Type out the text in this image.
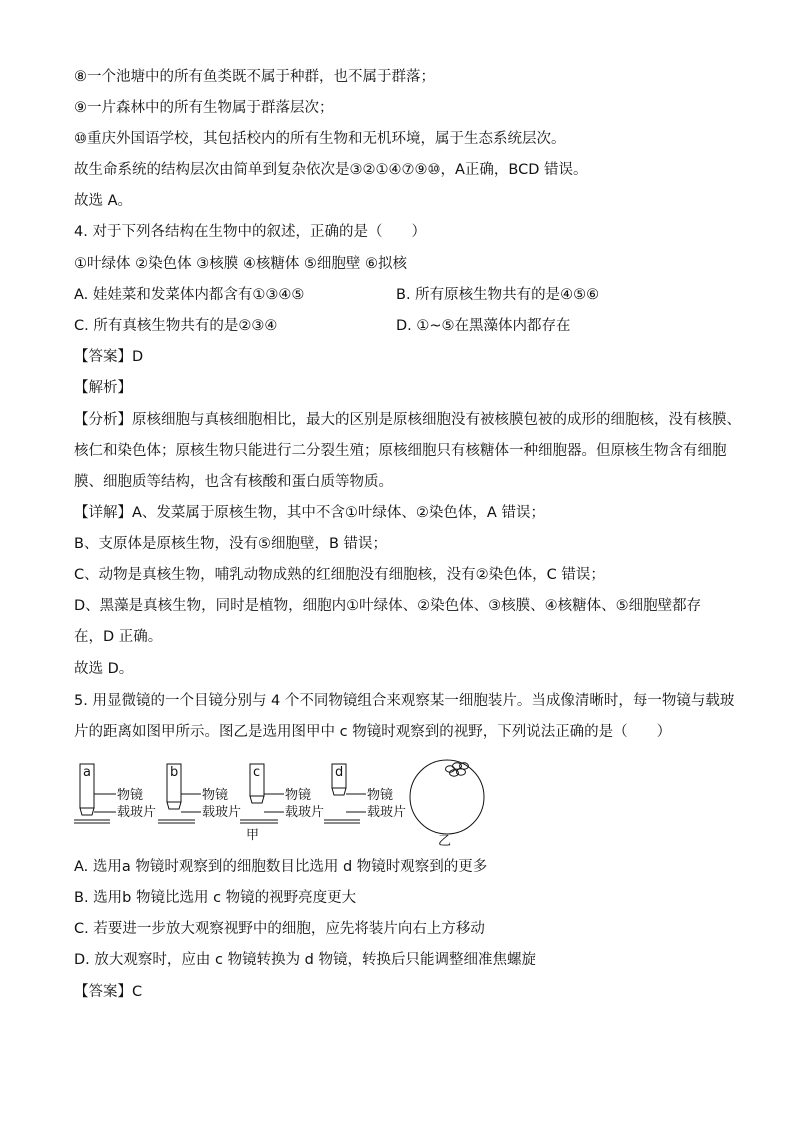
⑧一个池塘中的所有鱼类既不属于种群，也不属于群落；
⑨一片森林中的所有生物属于群落层次；
⑩重庆外国语学校，其包括校内的所有生物和无机环境，属于生态系统层次。
故生命系统的结构层次由简单到复杂依次是③②①④⑦⑨⑩，A正确，BCD 错误。
故选 A。
4. 对于下列各结构在生物中的叙述，正确的是（　　）
①叶绿体 ②染色体 ③核膜 ④核糖体 ⑤细胞壁 ⑥拟核
A. 娃娃菜和发菜体内都含有①③④⑤	B. 所有原核生物共有的是④⑤⑥
C. 所有真核生物共有的是②③④	D. ①~⑤在黑藻体内都存在
【答案】D
【解析】
【分析】原核细胞与真核细胞相比，最大的区别是原核细胞没有被核膜包被的成形的细胞核，没有核膜、
核仁和染色体；原核生物只能进行二分裂生殖；原核细胞只有核糖体一种细胞器。但原核生物含有细胞
膜、细胞质等结构，也含有核酸和蛋白质等物质。
【详解】A、发菜属于原核生物，其中不含①叶绿体、②染色体，A 错误；
B、支原体是原核生物，没有⑤细胞壁，B 错误；
C、动物是真核生物，哺乳动物成熟的红细胞没有细胞核，没有②染色体，C 错误；
D、黑藻是真核生物，同时是植物，细胞内①叶绿体、②染色体、③核膜、④核糖体、⑤细胞壁都存
在，D 正确。
故选 D。
5. 用显微镜的一个目镜分别与 4 个不同物镜组合来观察某一细胞装片。当成像清晰时，每一物镜与载玻
片的距离如图甲所示。图乙是选用图甲中 c 物镜时观察到的视野，下列说法正确的是（　　）
a
物镜
载玻片
b
物镜
载玻片
c
物镜
载玻片
甲
d
物镜
载玻片
乙
A. 选用a 物镜时观察到的细胞数目比选用 d 物镜时观察到的更多
B. 选用b 物镜比选用 c 物镜的视野亮度更大
C. 若要进一步放大观察视野中的细胞，应先将装片向右上方移动
D. 放大观察时，应由 c 物镜转换为 d 物镜，转换后只能调整细准焦螺旋
【答案】C
